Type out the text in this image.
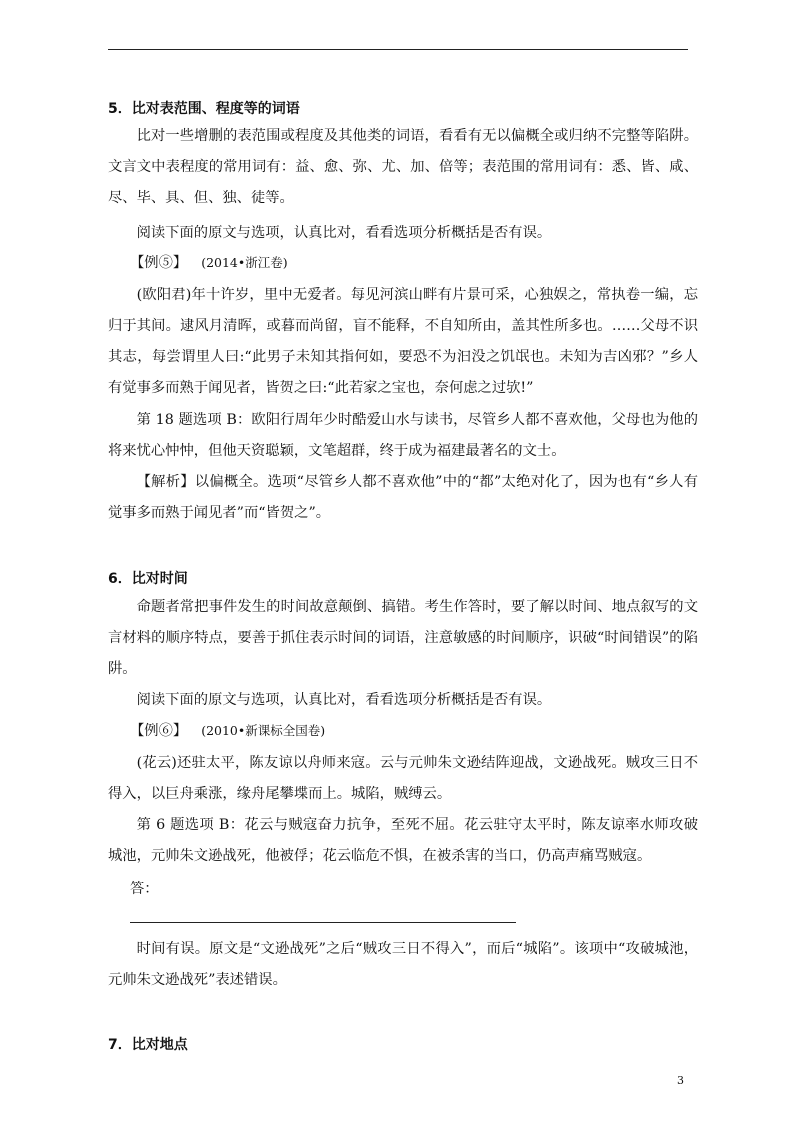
5．比对表范围、程度等的词语
比对一些增删的表范围或程度及其他类的词语，看看有无以偏概全或归纳不完整等陷阱。文言文中表程度的常用词有：益、愈、弥、尤、加、倍等；表范围的常用词有：悉、皆、咸、尽、毕、具、但、独、徒等。
阅读下面的原文与选项，认真比对，看看选项分析概括是否有误。
【例⑤】 (2014•浙江卷)
(欧阳君)年十许岁，里中无爱者。每见河滨山畔有片景可采，心独娱之，常执卷一编，忘归于其间。逮风月清晖，或暮而尚留，盲不能释，不自知所由，盖其性所多也。……父母不识其志，每尝谓里人曰:“此男子未知其指何如，要恐不为汩没之饥氓也。未知为吉凶邪？”乡人有觉事多而熟于闻见者，皆贺之曰:“此若家之宝也，奈何虑之过欤!”
第 18 题选项 B：欧阳行周年少时酷爱山水与读书，尽管乡人都不喜欢他，父母也为他的将来忧心忡忡，但他天资聪颖，文笔超群，终于成为福建最著名的文士。
【解析】以偏概全。选项“尽管乡人都不喜欢他”中的“都”太绝对化了，因为也有“乡人有觉事多而熟于闻见者”而“皆贺之”。
6．比对时间
命题者常把事件发生的时间故意颠倒、搞错。考生作答时，要了解以时间、地点叙写的文言材料的顺序特点，要善于抓住表示时间的词语，注意敏感的时间顺序，识破“时间错误”的陷阱。
阅读下面的原文与选项，认真比对，看看选项分析概括是否有误。
【例⑥】 (2010•新课标全国卷)
(花云)还驻太平，陈友谅以舟师来寇。云与元帅朱文逊结阵迎战，文逊战死。贼攻三日不得入，以巨舟乘涨，缘舟尾攀堞而上。城陷，贼缚云。
第 6 题选项 B：花云与贼寇奋力抗争，至死不屈。花云驻守太平时，陈友谅率水师攻破城池，元帅朱文逊战死，他被俘；花云临危不惧，在被杀害的当口，仍高声痛骂贼寇。
答：
时间有误。原文是“文逊战死”之后“贼攻三日不得入”，而后“城陷”。该项中“攻破城池，元帅朱文逊战死”表述错误。
7．比对地点
3
